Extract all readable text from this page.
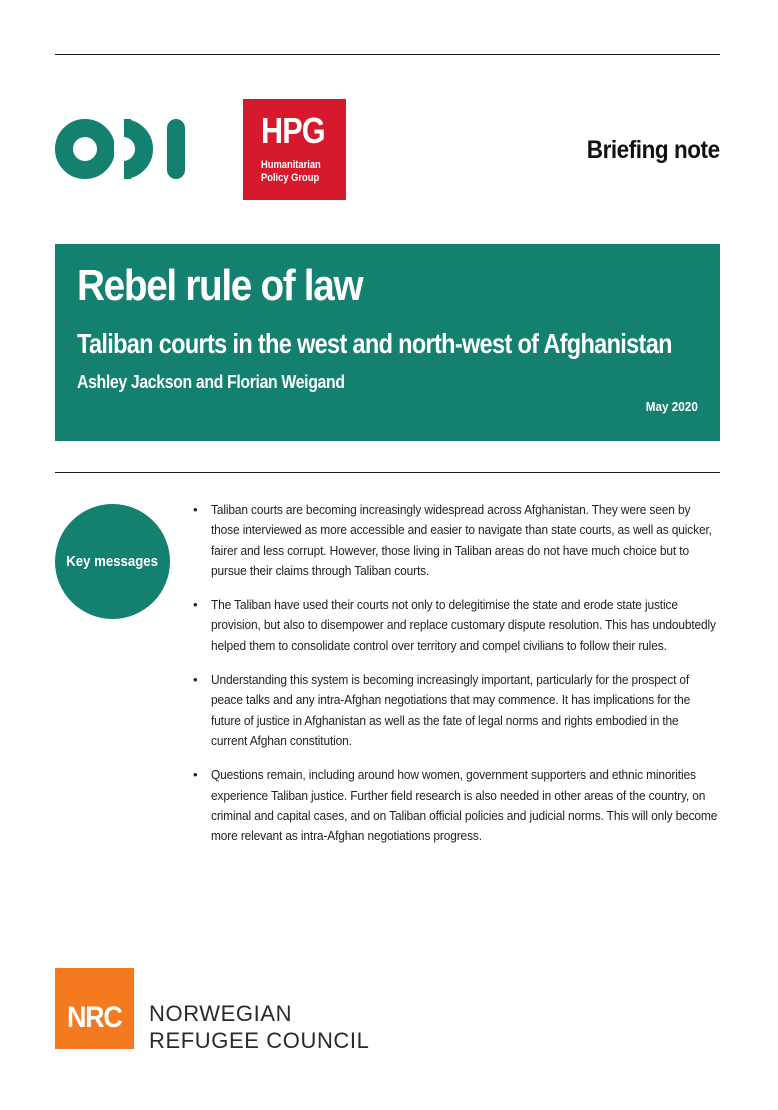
HPG
Humanitarian
Policy Group
Briefing note
Rebel rule of law
Taliban courts in the west and north-west of Afghanistan
Ashley Jackson and Florian Weigand
May 2020
Key messages
• Taliban courts are becoming increasingly widespread across Afghanistan. They were seen by those interviewed as more accessible and easier to navigate than state courts, as well as quicker, fairer and less corrupt. However, those living in Taliban areas do not have much choice but to pursue their claims through Taliban courts.
• The Taliban have used their courts not only to delegitimise the state and erode state justice provision, but also to disempower and replace customary dispute resolution. This has undoubtedly helped them to consolidate control over territory and compel civilians to follow their rules.
• Understanding this system is becoming increasingly important, particularly for the prospect of peace talks and any intra-Afghan negotiations that may commence. It has implications for the future of justice in Afghanistan as well as the fate of legal norms and rights embodied in the current Afghan constitution.
• Questions remain, including around how women, government supporters and ethnic minorities experience Taliban justice. Further field research is also needed in other areas of the country, on criminal and capital cases, and on Taliban official policies and judicial norms. This will only become more relevant as intra-Afghan negotiations progress.
NRC NORWEGIAN
REFUGEE COUNCIL
